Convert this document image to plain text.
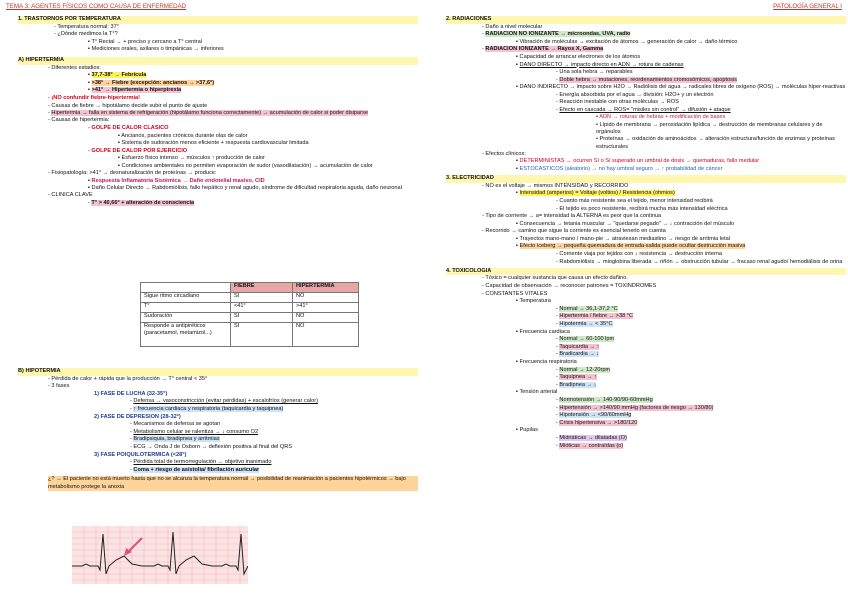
TEMA 3: AGENTES FÍSICOS COMO CAUSA DE ENFERMEDAD	PATOLOGÍA GENERAL I
1. TRASTORNOS POR TEMPERATURA
- Temperatura normal: 37°
- ¿Dónde medimos la T°?
▪ T° Rectal → + preciso y cercano a T° central
▪ Mediciones orales, axilares o timpánicas → inferiores
A) HIPERTERMIA
- Diferentes estadios:
▪ 37,7-38° → Febrícula
▪ >38° → Fiebre (excepción: ancianos → >37,6°)
▪ >41° → Hipertermia o hiperpirexia
- ¡NO confundir fiebre-hipertermia!
- Causas de fiebre → hipotálamo decide subir el punto de ajuste
- Hipertermia → falla en sistema de refrigeración (hipotálamo funciona correctamente) → acumulación de calor si poder disiparse
- Causas de hipertermia:
- GOLPE DE CALOR CLÁSICO
▪ Ancianos, pacientes crónicos durante olas de calor
▪ Sistema de sudoración menos eficiente + respuesta cardiovascular limitada
- GOLPE DE CALOR POR EJERCICIO
▪ Esfuerzo físico intenso → músculos ↑ producción de calor
▪ Condiciones ambientales no permiten evaporación de sudor (vasodilatación) → acumulación de calor
- Fisiopatología: >41° → desnaturalización de proteínas → produce:
▪ Respuesta Inflamatoria Sistémica → Daño endotelial masivo, CID
▪ Daño Celular Directo → Rabdomiólisis, fallo hepático y renal agudo, síndrome de dificultad respiratoria aguda, daño neuronal
- CLÍNICA CLAVE
- T° > 40,66° + alteración de consciencia
	FIEBRE	HIPERTERMIA
Sigue ritmo circadiano	SI	NO
T°	<41°	>41°
Sudoración	SI	NO
Responde a antipiréticos (paracetamol, metamizol...)	SI	NO
B) HIPOTERMIA
- Pérdida de calor + rápida que la producción → T° central < 35°
- 3 fases
1) FASE DE LUCHA (32-35°)
- Defensa → vasoconstricción (evitar pérdidas) + escalofríos (generar calor)
- ↑ frecuencia cardiaca y respiratoria (taquicardia y taquipnea)
2) FASE DE DEPRESIÓN (28-32°)
- Mecanismos de defensa se agotan
- Metabolismo celular se ralentiza → ↓ consumo O2
- Bradipsiquia, bradipnea y arritmias
- ECG → Onda J de Osborn → deflexión positiva al final del QRS
3) FASE POIQUILOTÉRMICA (<28°)
- Pérdida total de termorregulación → objetivo inanimado
- Coma + riesgo de asistolia/ fibrilación auricular
¿? → El paciente no está muerto hasta que no se alcanza la temperatura normal → posibilidad de reanimación a pacientes hipotérmicos → bajo metabolismo protege la anoxia
2. RADIACIONES
- Daño a nivel molecular
- RADIACIÓN NO IONIZANTE → microondas, UVA, radio
▪ Vibración de moléculas → excitación de átomos → generación de calor → daño térmico
- RADIACIÓN IONIZANTE → Rayos X, Gamma
▪ Capacidad de arrancar electrones de los átomos
▪ DAÑO DIRECTO → impacto directo en ADN → rotura de cadenas
- Una sola hebra → reparables
- Doble hebra → mutaciones, reordenamientos cromosómicos, apoptosis
▪ DAÑO INDIRECTO → impacto sobre H2O → Radiólisis del agua → radicales libres de oxígeno (ROS) → moléculas hiper-reactivas
- Energía absorbida por el agua → división: H2O+ y un electrón
- Reacción inestable con otras moléculas → ROS
- Efecto en cascada → ROS= "misiles sin control" → difusión + ataque
• ADN → roturas de hebras + modificación de bases
• Lípido de membrana → peroxidación lipídica → destrucción de membranas celulares y de orgánulos
• Proteínas → oxidación de aminoácidos → alteración estructura/función de enzimas y proteínas estructurales
- Efectos clínicos:
▪ DETERMINISTAS → ocurren Sí o Sí superado un umbral de dosis → quemaduras, fallo medular
▪ ESTOCÁSTICOS (aleatorio) → no hay umbral seguro → ↑ probabilidad de cáncer
3. ELECTRICIDAD
- NO es el voltaje → mismos INTENSIDAD y RECORRIDO
▪ Intensidad (amperios) = Voltaje (voltios) / Resistencia (ohmios)
- Cuanto más resistente sea el tejido, menor intensidad recibirá
- El tejido es poco resistente, recibirá mucha más intensidad eléctrica
- Tipo de corriente → a= intensidad la ALTERNA es peor que la continua
▪ Consecuencia → tetania muscular → "quedarse pegado" → ↓ contracción del músculo
- Recorrido → camino que sigue la corriente es esencial tenerlo en cuenta
▪ Trayectos mano-mano / mano-pie → atraviesan mediastino → riesgo de arritmia letal
▪ Efecto iceberg → pequeña quemadura de entrada-salida puede ocultar destrucción masiva
- Corriente viaja por tejidos con ↓ resistencia → destrucción interna
- Rabdomiólisis → mioglobina liberada → riñón → obstrucción tubular → fracaso renal agudo/ hemodiálisis de orina
4. TOXICOLOGÍA
- Tóxico = cualquier sustancia que causa un efecto dañino.
- Capacidad de observación → reconocer patrones = TOXÍNDROMES
- CONSTANTES VITALES
▪ Temperatura
- Normal → 36,1-37,2 °C
- Hipertermia / fiebre → >38 °C
- Hipotermia → < 35°C
▪ Frecuencia cardiaca
- Normal → 60-100 lpm
- Taquicardia → ↑
- Bradicardia → ↓
▪ Frecuencia respiratoria
- Normal → 12-20rpm
- Taquipnea → ↑
- Bradipnea → ↓
▪ Tensión arterial
- Normotensión → 140-90/90-60mmHg
- Hipertensión → >140/90 mmHg (factores de riesgo → 130/80)
- Hipotensión → <90/60mmHg
- Crisis hipertensiva → >180/120
▪ Pupilas
- Midriáticas → dilatadas (O)
- Mióticas → contraídas (o)
